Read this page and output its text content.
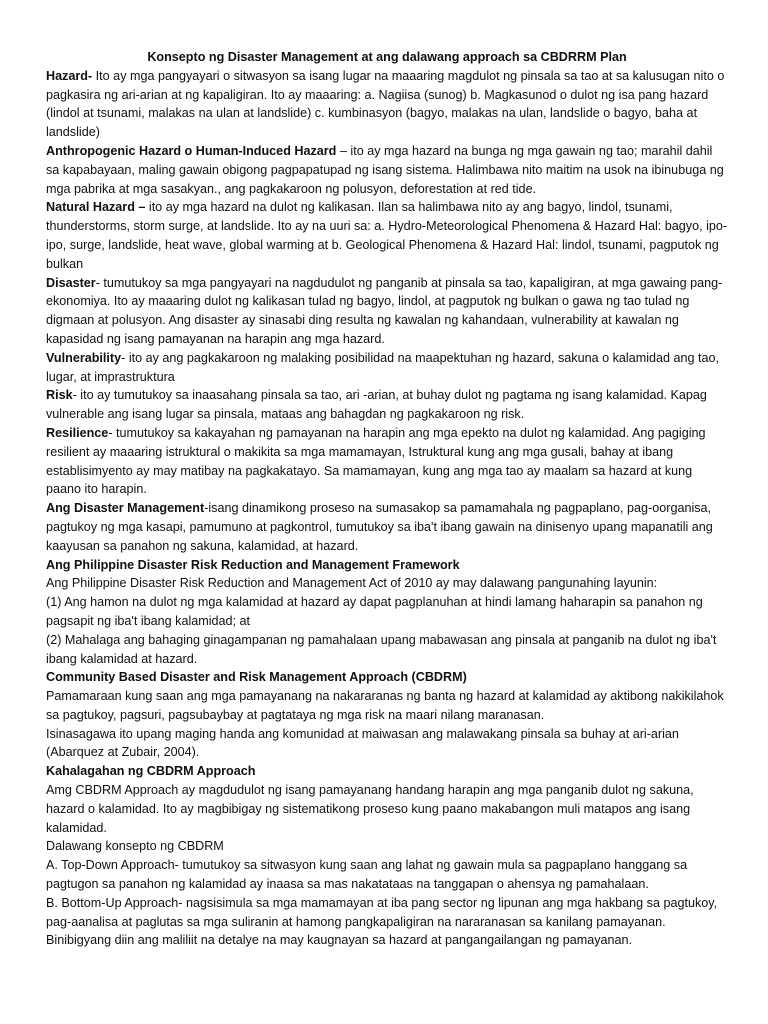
Konsepto ng Disaster Management at ang dalawang approach sa CBDRRM Plan

Hazard- Ito ay mga pangyayari o sitwasyon sa isang lugar na maaaring magdulot ng pinsala sa tao at sa kalusugan nito o pagkasira ng ari-arian at ng kapaligiran. Ito ay maaaring: a. Nagiisa (sunog) b. Magkasunod o dulot ng isa pang hazard (lindol at tsunami, malakas na ulan at landslide) c. kumbinasyon (bagyo, malakas na ulan, landslide o bagyo, baha at landslide)

Anthropogenic Hazard o Human-Induced Hazard – ito ay mga hazard na bunga ng mga gawain ng tao; marahil dahil sa kapabayaan, maling gawain obigong pagpapatupad ng isang sistema. Halimbawa nito maitim na usok na ibinubuga ng mga pabrika at mga sasakyan., ang pagkakaroon ng polusyon, deforestation at red tide.

Natural Hazard – ito ay mga hazard na dulot ng kalikasan. Ilan sa halimbawa nito ay ang bagyo, lindol, tsunami, thunderstorms, storm surge, at landslide. Ito ay na uuri sa: a. Hydro-Meteorological Phenomena & Hazard Hal: bagyo, ipo-ipo, surge, landslide, heat wave, global warming at b. Geological Phenomena & Hazard Hal: lindol, tsunami, pagputok ng bulkan

Disaster- tumutukoy sa mga pangyayari na nagdudulot ng panganib at pinsala sa tao, kapaligiran, at mga gawaing pang-ekonomiya. Ito ay maaaring dulot ng kalikasan tulad ng bagyo, lindol, at pagputok ng bulkan o gawa ng tao tulad ng digmaan at polusyon. Ang disaster ay sinasabi ding resulta ng kawalan ng kahandaan, vulnerability at kawalan ng kapasidad ng isang pamayanan na harapin ang mga hazard.

Vulnerability- ito ay ang pagkakaroon ng malaking posibilidad na maapektuhan ng hazard, sakuna o kalamidad ang tao, lugar, at imprastruktura

Risk- ito ay tumutukoy sa inaasahang pinsala sa tao, ari -arian, at buhay dulot ng pagtama ng isang kalamidad. Kapag vulnerable ang isang lugar sa pinsala, mataas ang bahagdan ng pagkakaroon ng risk.

Resilience- tumutukoy sa kakayahan ng pamayanan na harapin ang mga epekto na dulot ng kalamidad. Ang pagiging resilient ay maaaring istruktural o makikita sa mga mamamayan, Istruktural kung ang mga gusali, bahay at ibang establisimyento ay may matibay na pagkakatayo. Sa mamamayan, kung ang mga tao ay maalam sa hazard at kung paano ito harapin.

Ang Disaster Management-isang dinamikong proseso na sumasakop sa pamamahala ng pagpaplano, pag-oorganisa, pagtukoy ng mga kasapi, pamumuno at pagkontrol, tumutukoy sa iba't ibang gawain na dinisenyo upang mapanatili ang kaayusan sa panahon ng sakuna, kalamidad, at hazard.

Ang Philippine Disaster Risk Reduction and Management Framework

Ang Philippine Disaster Risk Reduction and Management Act of 2010 ay may dalawang pangunahing layunin:

(1) Ang hamon na dulot ng mga kalamidad at hazard ay dapat pagplanuhan at hindi lamang haharapin sa panahon ng pagsapit ng iba't ibang kalamidad; at

(2) Mahalaga ang bahaging ginagampanan ng pamahalaan upang mabawasan ang pinsala at panganib na dulot ng iba't ibang kalamidad at hazard.

Community Based Disaster and Risk Management Approach (CBDRM)

Pamamaraan kung saan ang mga pamayanang na nakararanas ng banta ng hazard at kalamidad ay aktibong nakikilahok sa pagtukoy, pagsuri, pagsubaybay at pagtataya ng mga risk na maari nilang maranasan.

Isinasagawa ito upang maging handa ang komunidad at maiwasan ang malawakang pinsala sa buhay at ari-arian (Abarquez at Zubair, 2004).

Kahalagahan ng CBDRM Approach

Amg CBDRM Approach ay magdudulot ng isang pamayanang handang harapin ang mga panganib dulot ng sakuna, hazard o kalamidad. Ito ay magbibigay ng sistematikong proseso kung paano makabangon muli matapos ang isang kalamidad.

Dalawang konsepto ng CBDRM

A. Top-Down Approach- tumutukoy sa sitwasyon kung saan ang lahat ng gawain mula sa pagpaplano hanggang sa pagtugon sa panahon ng kalamidad ay inaasa sa mas nakatataas na tanggapan o ahensya ng pamahalaan.

B. Bottom-Up Approach- nagsisimula sa mga mamamayan at iba pang sector ng lipunan ang mga hakbang sa pagtukoy, pag-aanalisa at paglutas sa mga suliranin at hamong pangkapaligiran na nararanasan sa kanilang pamayanan. Binibigyang diin ang maliliit na detalye na may kaugnayan sa hazard at pangangailangan ng pamayanan.
